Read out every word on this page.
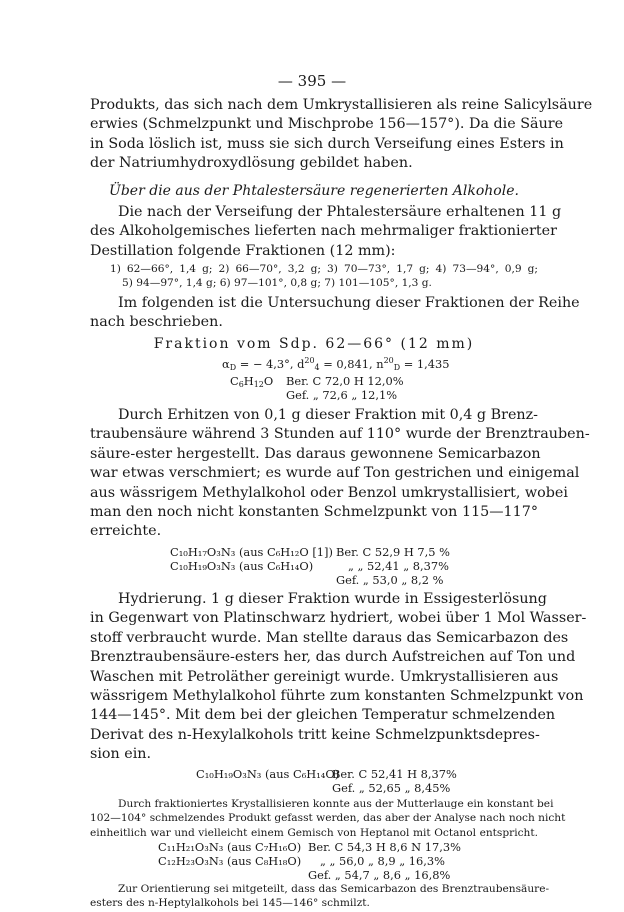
— 395 —
Produkts, das sich nach dem Umkrystallisieren als reine Salicylsäure
erwies (Schmelzpunkt und Mischprobe 156—157°). Da die Säure
in Soda löslich ist, muss sie sich durch Verseifung eines Esters in
der Natriumhydroxydlösung gebildet haben.
Über die aus der Phtalestersäure regenerierten Alkohole.
Die nach der Verseifung der Phtalestersäure erhaltenen 11 g
des Alkoholgemisches lieferten nach mehrmaliger fraktionierter
Destillation folgende Fraktionen (12 mm):
1) 62—66°, 1,4 g; 2) 66—70°, 3,2 g; 3) 70—73°, 1,7 g; 4) 73—94°, 0,9 g;
5) 94—97°, 1,4 g; 6) 97—101°, 0,8 g; 7) 101—105°, 1,3 g.
Im folgenden ist die Untersuchung dieser Fraktionen der Reihe
nach beschrieben.
Fraktion vom Sdp. 62—66° (12 mm)
$\alpha_D$ = − 4,3°, $d^{20}_4 = 0,841$, $n^{20}_D = 1,435$
$C_6H_{12}O$ Ber. C 72,0 H 12,0%
Gef. „ 72,6 „ 12,1%
Durch Erhitzen von 0,1 g dieser Fraktion mit 0,4 g Brenz-
traubensäure während 3 Stunden auf 110° wurde der Brenztrauben-
säure-ester hergestellt. Das daraus gewonnene Semicarbazon
war etwas verschmiert; es wurde auf Ton gestrichen und einigemal
aus wässrigem Methylalkohol oder Benzol umkrystallisiert, wobei
man den noch nicht konstanten Schmelzpunkt von 115—117°
erreichte.
C₁₀H₁₇O₃N₃ (aus C₆H₁₂O [1])
C₁₀H₁₉O₃N₃ (aus C₆H₁₄O)
Ber. C 52,9 H 7,5 %
„ „ 52,41 „ 8,37%
Gef. „ 53,0 „ 8,2 %
Hydrierung. 1 g dieser Fraktion wurde in Essigesterlösung
in Gegenwart von Platinschwarz hydriert, wobei über 1 Mol Wasser-
stoff verbraucht wurde. Man stellte daraus das Semicarbazon des
Brenztraubensäure-esters her, das durch Aufstreichen auf Ton und
Waschen mit Petroläther gereinigt wurde. Umkrystallisieren aus
wässrigem Methylalkohol führte zum konstanten Schmelzpunkt von
144—145°. Mit dem bei der gleichen Temperatur schmelzenden
Derivat des n-Hexylalkohols tritt keine Schmelzpunktsdepres-
sion ein.
C₁₀H₁₉O₃N₃ (aus C₆H₁₄O)
Ber. C 52,41 H 8,37%
Gef. „ 52,65 „ 8,45%
Durch fraktioniertes Krystallisieren konnte aus der Mutterlauge ein konstant bei
102—104° schmelzendes Produkt gefasst werden, das aber der Analyse nach noch nicht
einheitlich war und vielleicht einem Gemisch von Heptanol mit Octanol entspricht.
C₁₁H₂₁O₃N₃ (aus C₇H₁₆O)
C₁₂H₂₃O₃N₃ (aus C₈H₁₈O)
Ber. C 54,3 H 8,6 N 17,3%
„ „ 56,0 „ 8,9 „ 16,3%
Gef. „ 54,7 „ 8,6 „ 16,8%
Zur Orientierung sei mitgeteilt, dass das Semicarbazon des Brenztraubensäure-
esters des n-Heptylalkohols bei 145—146° schmilzt.
